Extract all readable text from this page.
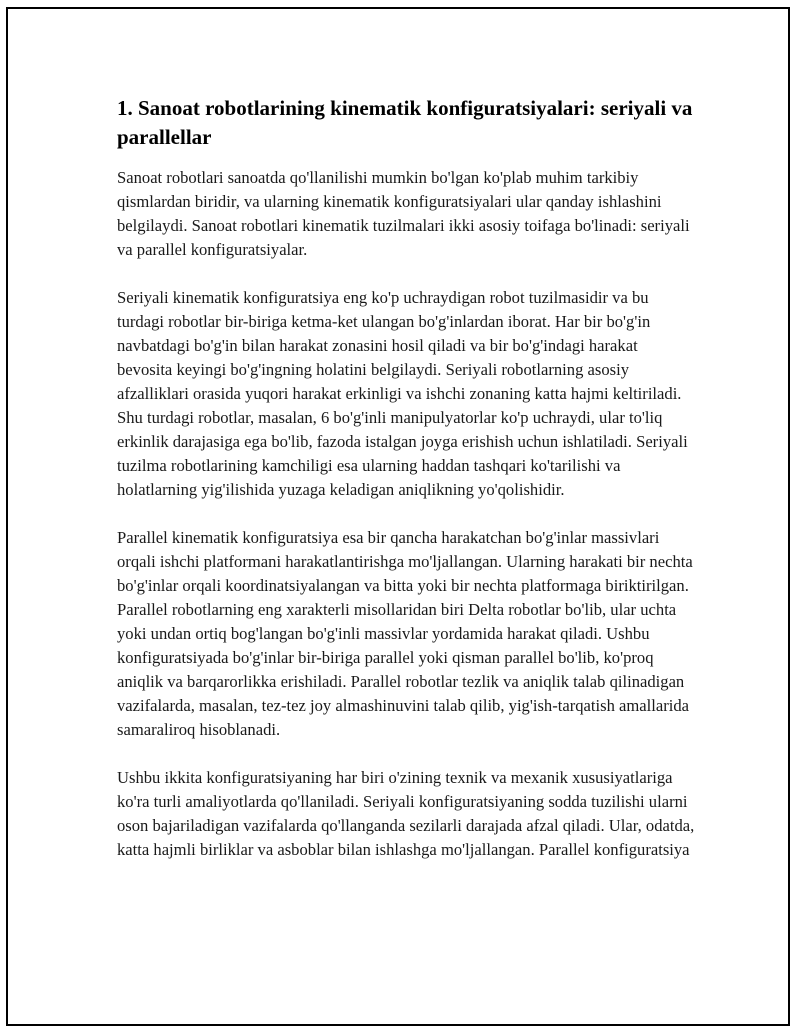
1. Sanoat robotlarining kinematik konfiguratsiyalari: seriyali va parallellar

Sanoat robotlari sanoatda qo'llanilishi mumkin bo'lgan ko'plab muhim tarkibiy qismlardan biridir, va ularning kinematik konfiguratsiyalari ular qanday ishlashini belgilaydi. Sanoat robotlari kinematik tuzilmalari ikki asosiy toifaga bo'linadi: seriyali va parallel konfiguratsiyalar.

Seriyali kinematik konfiguratsiya eng ko'p uchraydigan robot tuzilmasidir va bu turdagi robotlar bir-biriga ketma-ket ulangan bo'g'inlardan iborat. Har bir bo'g'in navbatdagi bo'g'in bilan harakat zonasini hosil qiladi va bir bo'g'indagi harakat bevosita keyingi bo'g'ingning holatini belgilaydi. Seriyali robotlarning asosiy afzalliklari orasida yuqori harakat erkinligi va ishchi zonaning katta hajmi keltiriladi. Shu turdagi robotlar, masalan, 6 bo'g'inli manipulyatorlar ko'p uchraydi, ular to'liq erkinlik darajasiga ega bo'lib, fazoda istalgan joyga erishish uchun ishlatiladi. Seriyali tuzilma robotlarining kamchiligi esa ularning haddan tashqari ko'tarilishi va holatlarning yig'ilishida yuzaga keladigan aniqlikning yo'qolishidir.

Parallel kinematik konfiguratsiya esa bir qancha harakatchan bo'g'inlar massivlari orqali ishchi platformani harakatlantirishga mo'ljallangan. Ularning harakati bir nechta bo'g'inlar orqali koordinatsiyalangan va bitta yoki bir nechta platformaga biriktirilgan. Parallel robotlarning eng xarakterli misollaridan biri Delta robotlar bo'lib, ular uchta yoki undan ortiq bog'langan bo'g'inli massivlar yordamida harakat qiladi. Ushbu konfiguratsiyada bo'g'inlar bir-biriga parallel yoki qisman parallel bo'lib, ko'proq aniqlik va barqarorlikka erishiladi. Parallel robotlar tezlik va aniqlik talab qilinadigan vazifalarda, masalan, tez-tez joy almashinuvini talab qilib, yig'ish-tarqatish amallarida samaraliroq hisoblanadi.

Ushbu ikkita konfiguratsiyaning har biri o'zining texnik va mexanik xususiyatlariga ko'ra turli amaliyotlarda qo'llaniladi. Seriyali konfiguratsiyaning sodda tuzilishi ularni oson bajariladigan vazifalarda qo'llanganda sezilarli darajada afzal qiladi. Ular, odatda, katta hajmli birliklar va asboblar bilan ishlashga mo'ljallangan. Parallel konfiguratsiya
